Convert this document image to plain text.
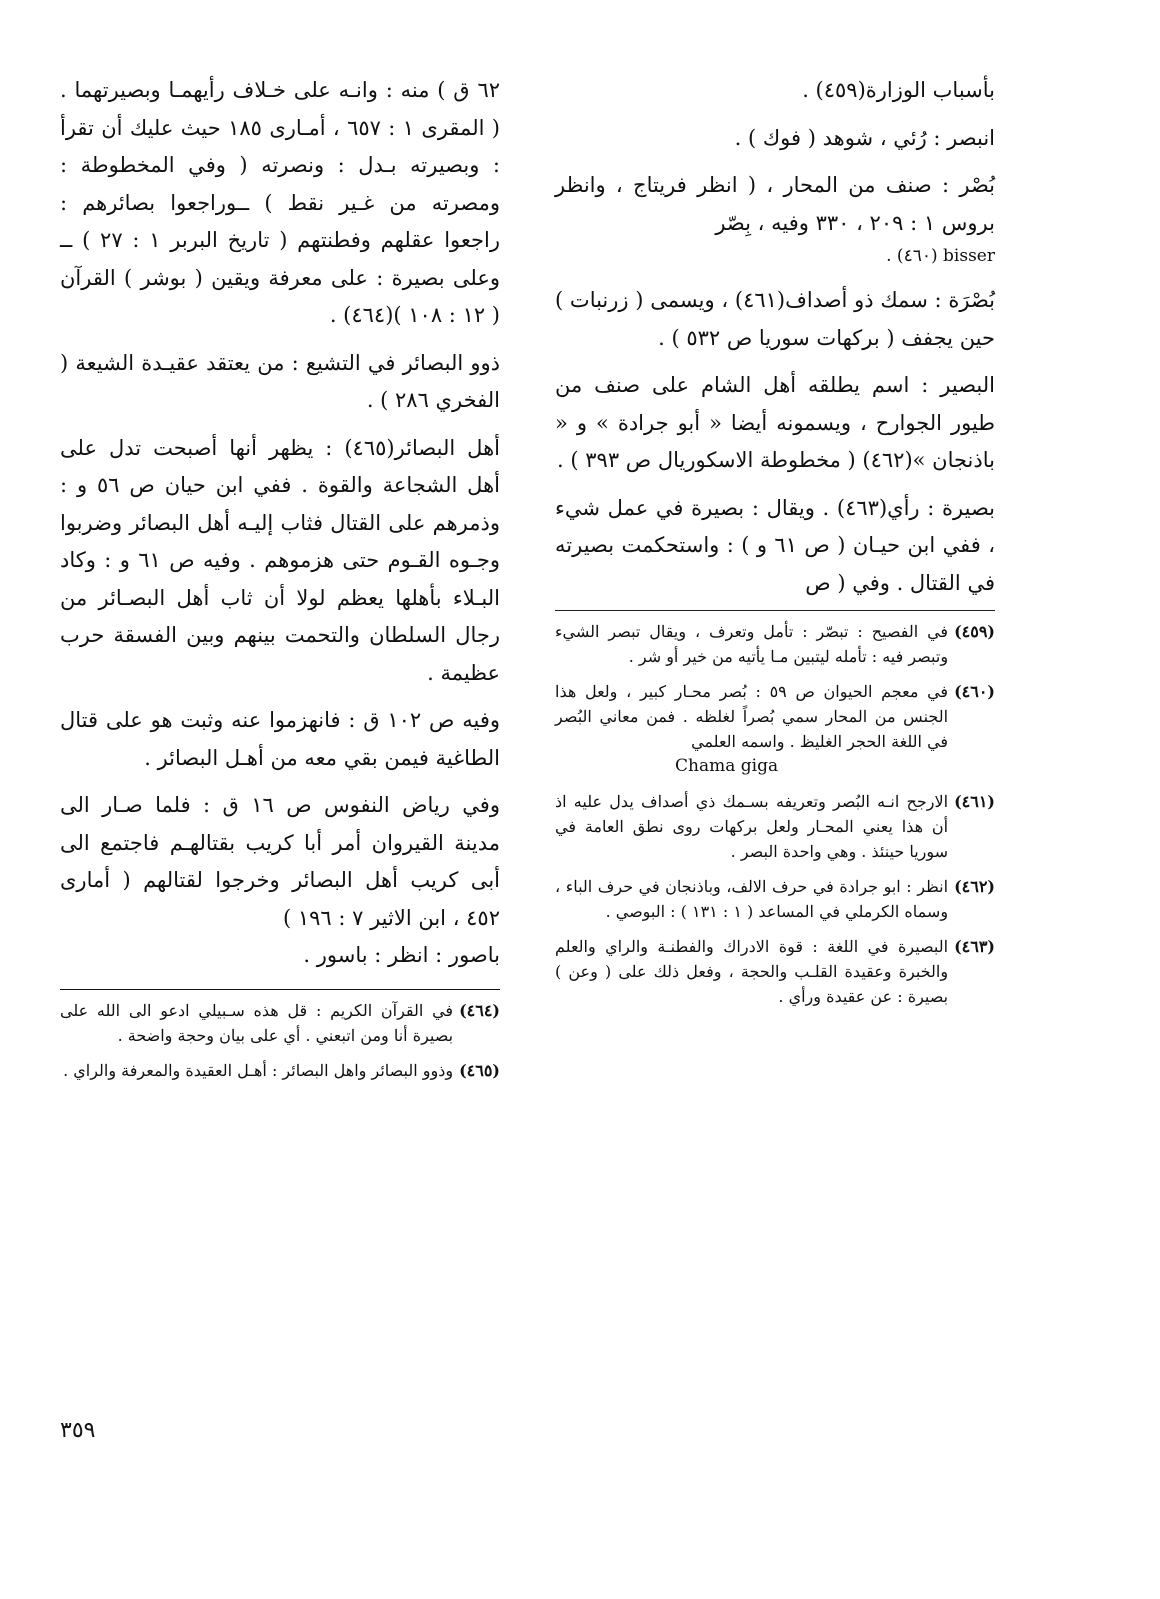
بأسباب الوزارة(٤٥٩) .

انبصر : رُئي ، شوهد ( فوك ) .

بُصْر : صنف من المحار ، ( انظر فريتاج ، وانظر بروس ١ : ٢٠٩ ، ٣٣٠ وفيه ، بِصّر

bisser (٤٦٠) .

بُصْرَة : سمك ذو أصداف(٤٦١) ، ويسمى ( زرنبات ) حين يجفف ( بركهات سوريا ص ٥٣٢ ) .

البصير : اسم يطلقه أهل الشام على صنف من طيور الجوارح ، ويسمونه أيضا « أبو جرادة » و « باذنجان »(٤٦٢) ( مخطوطة الاسكوريال ص ٣٩٣ ) .

بصيرة : رأي(٤٦٣) . ويقال : بصيرة في عمل شيء ، ففي ابن حيـان ( ص ٦١ و ) : واستحكمت بصيرته في القتال . وفي ( ص

(٤٥٩)
في الفصيح : تبصّر : تأمل وتعرف ، ويقال تبصر الشيء وتبصر فيه : تأمله ليتبين مـا يأتيه من خير أو شر .
(٤٦٠)
في معجم الحيوان ص ٥٩ : بُصر محـار كبير ، ولعل هذا الجنس من المحار سمي بُصراً لغلظه . فمن معاني البُصر في اللغة الحجر الغليظ . واسمه العلمي
Chama giga
(٤٦١)
الارجح انـه البُصر وتعريفه بسـمك ذي أصداف يدل عليه اذ أن هذا يعني المحـار ولعل بركهات روى نطق العامة في سوريا حينئذ . وهي واحدة البصر .
(٤٦٢)
انظر : ابو جرادة في حرف الالف، وباذنجان في حرف الباء ، وسماه الكرملي في المساعد ( ١ : ١٣١ ) : البوصي .
(٤٦٣)
البصيرة في اللغة : قوة الادراك والفطنـة والراي والعلم والخبرة وعقيدة القلـب والحجة ، وفعل ذلك على ( وعن ) بصيرة : عن عقيدة ورأي .

٦٢ ق ) منه : وانـه على خـلاف رأيهمـا وبصيرتهما . ( المقرى ١ : ٦٥٧ ، أمـارى ١٨٥ حيث عليك أن تقرأ : وبصيرته بـدل : ونصرته ( وفي المخطوطة : ومصرته من غـير نقط ) ــوراجعوا بصائرهم : راجعوا عقلهم وفطنتهم ( تاريخ البربر ١ : ٢٧ ) ــ وعلى بصيرة : على معرفة ويقين ( بوشر ) القرآن ( ١٢ : ١٠٨ )(٤٦٤) .

ذوو البصائر في التشيع : من يعتقد عقيـدة الشيعة ( الفخري ٢٨٦ ) .

أهل البصائر(٤٦٥) : يظهر أنها أصبحت تدل على أهل الشجاعة والقوة . ففي ابن حيان ص ٥٦ و : وذمرهم على القتال فثاب إليـه أهل البصائر وضربوا وجـوه القـوم حتى هزموهم . وفيه ص ٦١ و : وكاد البـلاء بأهلها يعظم لولا أن ثاب أهل البصـائر من رجال السلطان والتحمت بينهم وبين الفسقة حرب عظيمة .

وفيه ص ١٠٢ ق : فانهزموا عنه وثبت هو على قتال الطاغية فيمن بقي معه من أهـل البصائر .

وفي رياض النفوس ص ١٦ ق : فلما صـار الى مدينة القيروان أمر أبا كريب بقتالهـم فاجتمع الى أبى كريب أهل البصائر وخرجوا لقتالهم ( أمارى ٤٥٢ ، ابن الاثير ٧ : ١٩٦ )

باصور : انظر : باسور .

(٤٦٤)
في القرآن الكريم : قل هذه سـبيلي ادعو الى الله على بصيرة أنا ومن اتبعني . أي على بيان وحجة واضحة .
(٤٦٥)
وذوو البصائر واهل البصائر : أهـل العقيدة والمعرفة والراي .
٣٥٩
